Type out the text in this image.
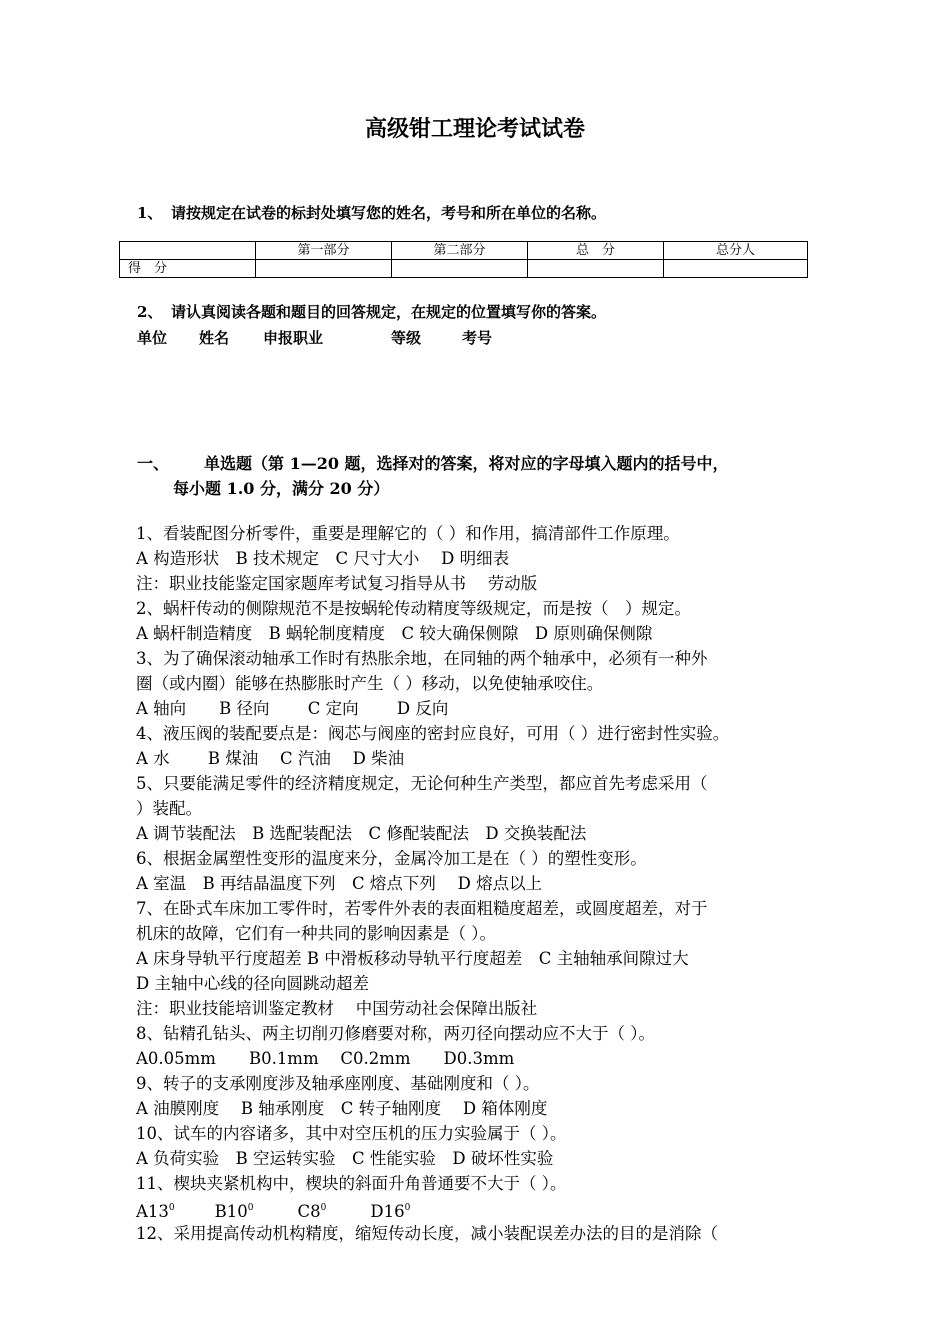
高级钳工理论考试试卷
1、 请按规定在试卷的标封处填写您的姓名，考号和所在单位的名称。
	第一部分	第二部分	总　分	总分人
得　分				
2、 请认真阅读各题和题目的回答规定，在规定的位置填写你的答案。
单位 姓名 申报职业	等级	考号
一、 单选题（第 1—20 题，选择对的答案，将对应的字母填入题内的括号中，
每小题 1.0 分，满分 20 分）
1、看装配图分析零件，重要是理解它的（ ）和作用，搞清部件工作原理。
A 构造形状　B 技术规定　C 尺寸大小　 D 明细表
注：职业技能鉴定国家题库考试复习指导从书　 劳动版
2、蜗杆传动的侧隙规范不是按蜗轮传动精度等级规定，而是按（　）规定。
A 蜗杆制造精度　B 蜗轮制度精度　C 较大确保侧隙　D 原则确保侧隙
3、为了确保滚动轴承工作时有热胀余地，在同轴的两个轴承中，必须有一种外
圈（或内圈）能够在热膨胀时产生（ ）移动，以免使轴承咬住。
A 轴向　　B 径向　　 C 定向　　 D 反向
4、液压阀的装配要点是：阀芯与阀座的密封应良好，可用（ ）进行密封性实验。
A 水　　 B 煤油　 C 汽油　 D 柴油
5、只要能满足零件的经济精度规定，无论何种生产类型，都应首先考虑采用（
）装配。
A 调节装配法　B 选配装配法　C 修配装配法　D 交换装配法
6、根据金属塑性变形的温度来分，金属冷加工是在（ ）的塑性变形。
A 室温　B 再结晶温度下列　C 熔点下列　 D 熔点以上
7、在卧式车床加工零件时，若零件外表的表面粗糙度超差，或圆度超差，对于
机床的故障，它们有一种共同的影响因素是（ ）。
A 床身导轨平行度超差 B 中滑板移动导轨平行度超差　C 主轴轴承间隙过大
D 主轴中心线的径向圆跳动超差
注：职业技能培训鉴定教材　 中国劳动社会保障出版社
8、钻精孔钻头、两主切削刃修磨要对称，两刃径向摆动应不大于（ ）。
A0.05mm　　B0.1mm　 C0.2mm　　D0.3mm
9、转子的支承刚度涉及轴承座刚度、基础刚度和（ ）。
A 油膜刚度　 B 轴承刚度　C 转子轴刚度　 D 箱体刚度
10、试车的内容诸多，其中对空压机的压力实验属于（ ）。
A 负荷实验　B 空运转实验　C 性能实验　D 破坏性实验
11、楔块夹紧机构中，楔块的斜面升角普通要不大于（ ）。
$A13^0$ $B10^0$	$C8^0$	$D16^0$
12、采用提高传动机构精度，缩短传动长度，减小装配误差办法的目的是消除（
